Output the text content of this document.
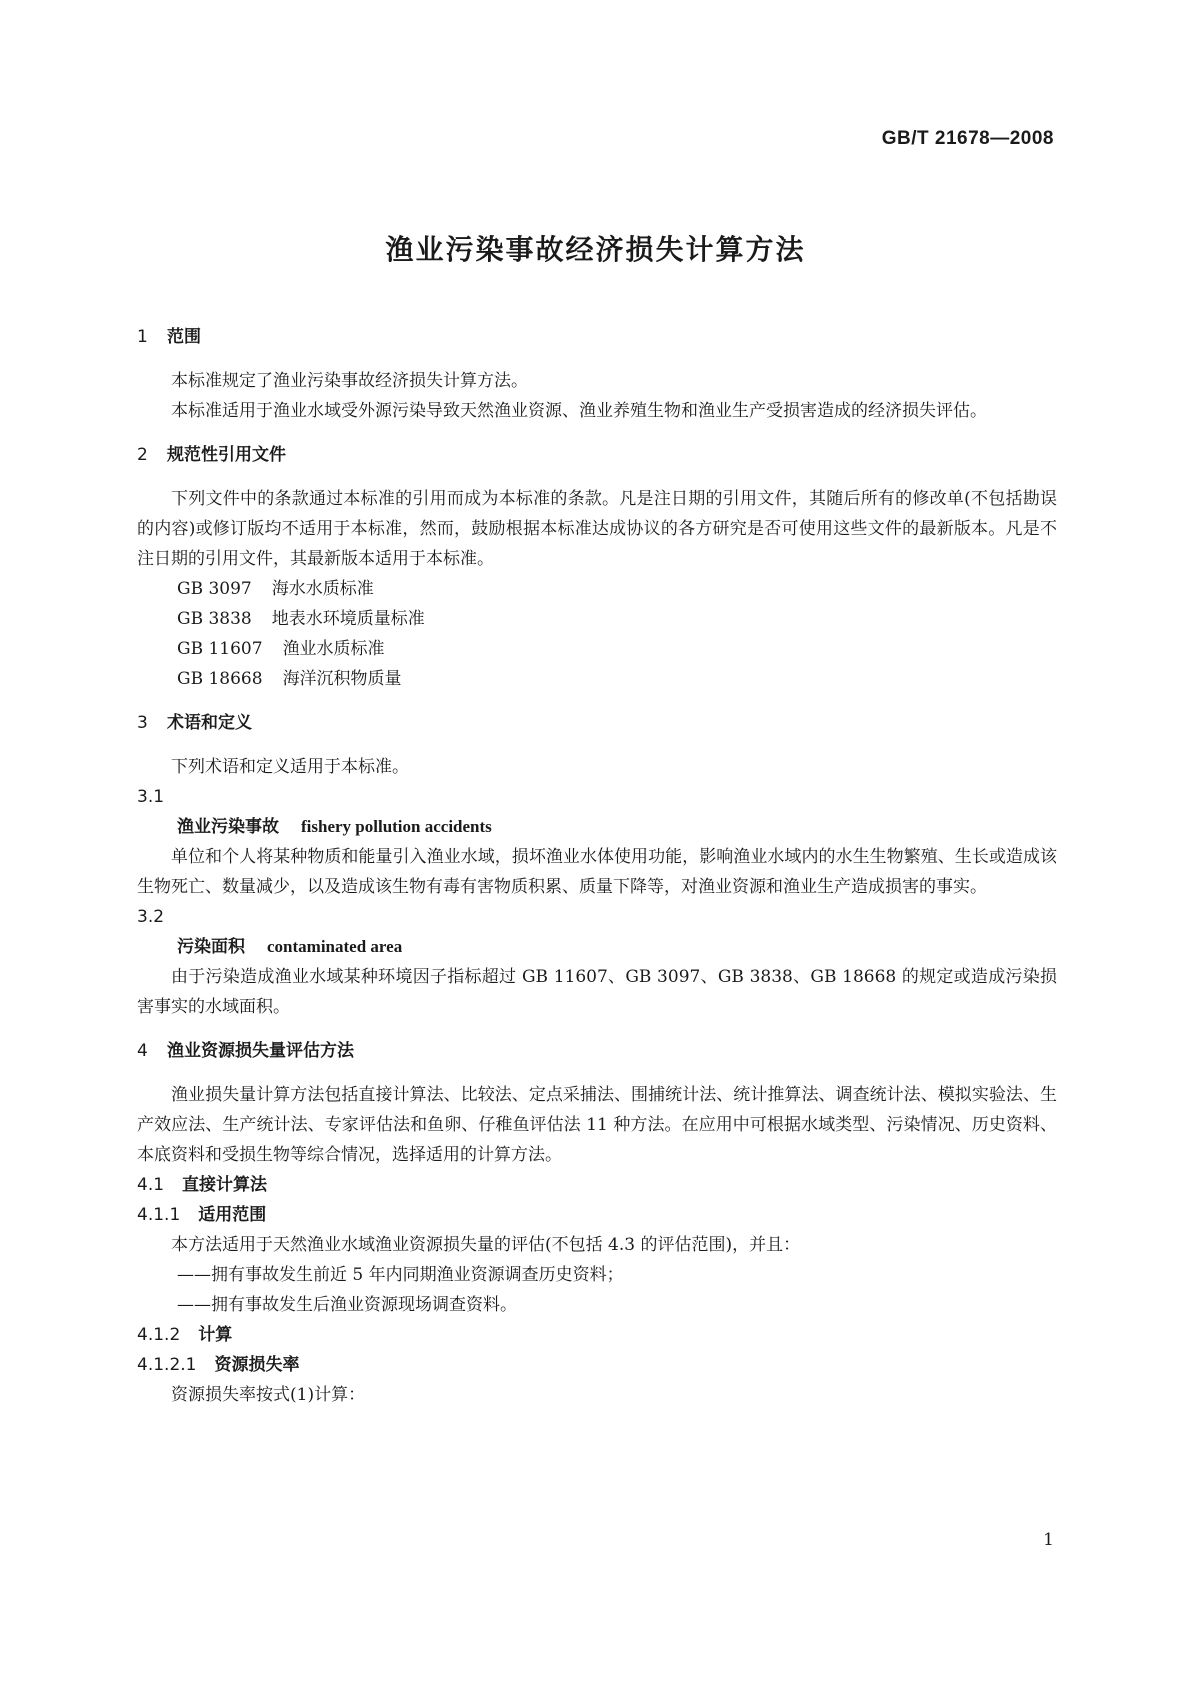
GB/T 21678—2008
渔业污染事故经济损失计算方法
1 范围
本标准规定了渔业污染事故经济损失计算方法。
本标准适用于渔业水域受外源污染导致天然渔业资源、渔业养殖生物和渔业生产受损害造成的经济损失评估。
2 规范性引用文件
下列文件中的条款通过本标准的引用而成为本标准的条款。凡是注日期的引用文件，其随后所有的修改单(不包括勘误的内容)或修订版均不适用于本标准，然而，鼓励根据本标准达成协议的各方研究是否可使用这些文件的最新版本。凡是不注日期的引用文件，其最新版本适用于本标准。
GB 3097 海水水质标准
GB 3838 地表水环境质量标准
GB 11607 渔业水质标准
GB 18668 海洋沉积物质量
3 术语和定义
下列术语和定义适用于本标准。
3.1
渔业污染事故 fishery pollution accidents
单位和个人将某种物质和能量引入渔业水域，损坏渔业水体使用功能，影响渔业水域内的水生生物繁殖、生长或造成该生物死亡、数量减少，以及造成该生物有毒有害物质积累、质量下降等，对渔业资源和渔业生产造成损害的事实。
3.2
污染面积 contaminated area
由于污染造成渔业水域某种环境因子指标超过 GB 11607、GB 3097、GB 3838、GB 18668 的规定或造成污染损害事实的水域面积。
4 渔业资源损失量评估方法
渔业损失量计算方法包括直接计算法、比较法、定点采捕法、围捕统计法、统计推算法、调查统计法、模拟实验法、生产效应法、生产统计法、专家评估法和鱼卵、仔稚鱼评估法 11 种方法。在应用中可根据水域类型、污染情况、历史资料、本底资料和受损生物等综合情况，选择适用的计算方法。
4.1 直接计算法
4.1.1 适用范围
本方法适用于天然渔业水域渔业资源损失量的评估(不包括 4.3 的评估范围)，并且：
——拥有事故发生前近 5 年内同期渔业资源调查历史资料；
——拥有事故发生后渔业资源现场调查资料。
4.1.2 计算
4.1.2.1 资源损失率
资源损失率按式(1)计算：
1
